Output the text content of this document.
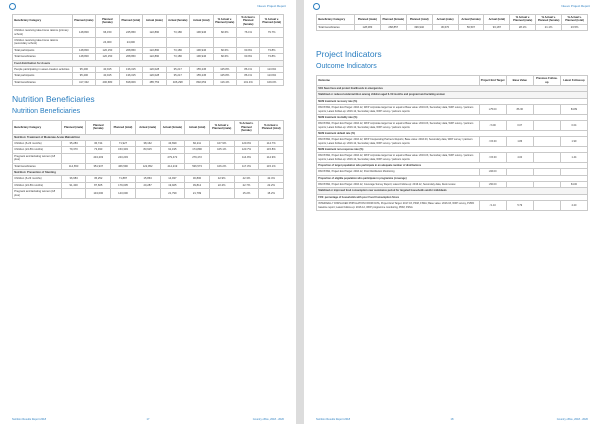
Nuevo Project Report
Beneficiary Category	Planned (male)	Planned (female)	Planned (total)	Actual (male)	Actual (female)	Actual (total)	% Actual v. Planned (male)	% Actual v. Planned (female)	% Actual v. Planned (total)
Children receiving take-home rations (primary school)	148,800	96,150	245,950	122,890	73,186	196,946	82.6%	76.1%	79.7%
Children receiving take-home rations (secondary school)		24,000	24,000						
Total participants	148,800	120,150	268,950	122,890	73,186	196,946	82.6%	60.9%	73.8%
Total beneficiaries	148,800	120,150	268,950	122,890	73,186	196,946	82.6%	60.9%	73.8%
Food distribution for Assets									
People participating in asset-creation activities	95,400	40,915	136,315	120,028	35,217	155,245	125.8%	86.1%	113.9%
Total participants	95,400	40,915	136,315	120,028	35,217	155,245	125.8%	86.1%	113.9%
Total beneficiaries	417,332	400,680	818,009	485,753	406,298	892,053	116.4%	101.4%	109.0%
Nutrition Beneficiaries
Nutrition Beneficiaries
Beneficiary Category	Planned (male)	Planned (female)	Planned (total)	Actual (male)	Actual (female)	Actual (total)	% Actual v. Planned (male)	% Actual v. Planned (female)	% Actual v. Planned (total)
Nutrition: Treatment of Moderate Acute Malnutrition									
Children (6-23 months)	35,283	36,744	71,927	38,162	43,699	82,211	107.9%	120.0%	114.7%
Children (24-59 months)	79,370	73,933	153,303	83,915	91,195	174,890	105.1%	123.7%	115.8%
Pregnant and lactating women (18 plus)		243,203	243,203		279,472	279,472		114.9%	114.9%
Total beneficiaries	114,653	351,937	466,590	122,952	414,219	536,573	106.2%	117.3%	115.1%
Nutrition: Prevention of Stunting									
Children (6-23 months)	36,683	35,252	71,887	15,863	14,937	30,800	42.9%	42.3%	42.4%
Children (24-59 months)	91,400	87,605	179,005	20,287	19,925	39,812	22.2%	22.7%	22.2%
Pregnant and lactating women (18 plus)		143,000	143,000		21,799	21,799		15.2%	15.2%
Nutrition Results Report 2018	17	Country office, 2018 - 2020
Nuevo Project Report
Beneficiary Category	Planned (male)	Planned (female)	Planned (total)	Actual (male)	Actual (female)	Actual (total)	% Actual v. Planned (male)	% Actual v. Planned (female)	% Actual v. Planned (total)
Total beneficiaries	128,083	268,857	396,940	36,670	56,507	93,187	28.1%	21.1%	23.5%
Project Indicators
Outcome Indicators
Outcome	Project End Target	Base Value	Previous Follow-up	Latest Follow-up
SO1 Save lives and protect livelihoods in emergencies				
Stabilized or reduced undernutrition among children aged 6–59 months and pregnant and lactating women				
MAM treatment recovery rate (%)				
PAKISTAN, Project End Target: 2016.12, WFP corporate target low or equal to Base value: 2016.03, Secondary data, WFP survey / partners reports; Latest Follow-up: 2016.12, Secondary data, WFP survey / partners reports	≥75.00	86.36		84.89
MAM treatment mortality rate (%)				
PAKISTAN, Project End Target: 2016.12, WFP corporate target low or equal to Base value: 2016.03, Secondary data, WFP survey / partners reports; Latest Follow-up: 2016.12, Secondary data, WFP survey / partners reports	<3.00	0.07		0.04
MAM treatment default rate (%)				
PAKISTAN, Project End Target: 2016.12, WFP Cooperating Partners Reports; Base value: 2016.03, Secondary data, WFP survey / partners reports; Latest Follow-up: 2016.12, Secondary data, WFP survey / partners reports	<15.00	1.86		1.99
MAM treatment non-response rate (%)				
PAKISTAN, Project End Target: 2016.12, WFP corporate target low or equal to Base value: 2016.03, Secondary data, WFP survey / partners reports; Latest Follow-up: 2016.12, Secondary data, WFP survey / partners reports	<15.00	4.00		1.44
Proportion of target population who participate in an adequate number of distributions				
PAKISTAN, Project End Target: 2016.12, Post Distribution Monitoring	≥66.00			
Proportion of eligible population who participate in programme (coverage)				
PAKISTAN, Project End Target: 2016.12, Coverage Survey Report; Latest Follow-up: 2016.12, Secondary data, Desk review	≥50.00			64.00
Stabilized or improved food consumption over assistance period for targeted households and/or individuals				
FCS: percentage of households with poor Food Consumption Score				
INTERNALLY DISPLACED POPULATION FROM FATA, Project End Target: 2017.03, PDM, FSNA; Base value: 2016.03, WFP survey, PVRD baseline report; Latest Follow-up: 2016.12, WFP programme monitoring, PDM, FSNA	<1.10	5.79		4.20
Nutrition Results Report 2018	18	Country office, 2018 - 2020
